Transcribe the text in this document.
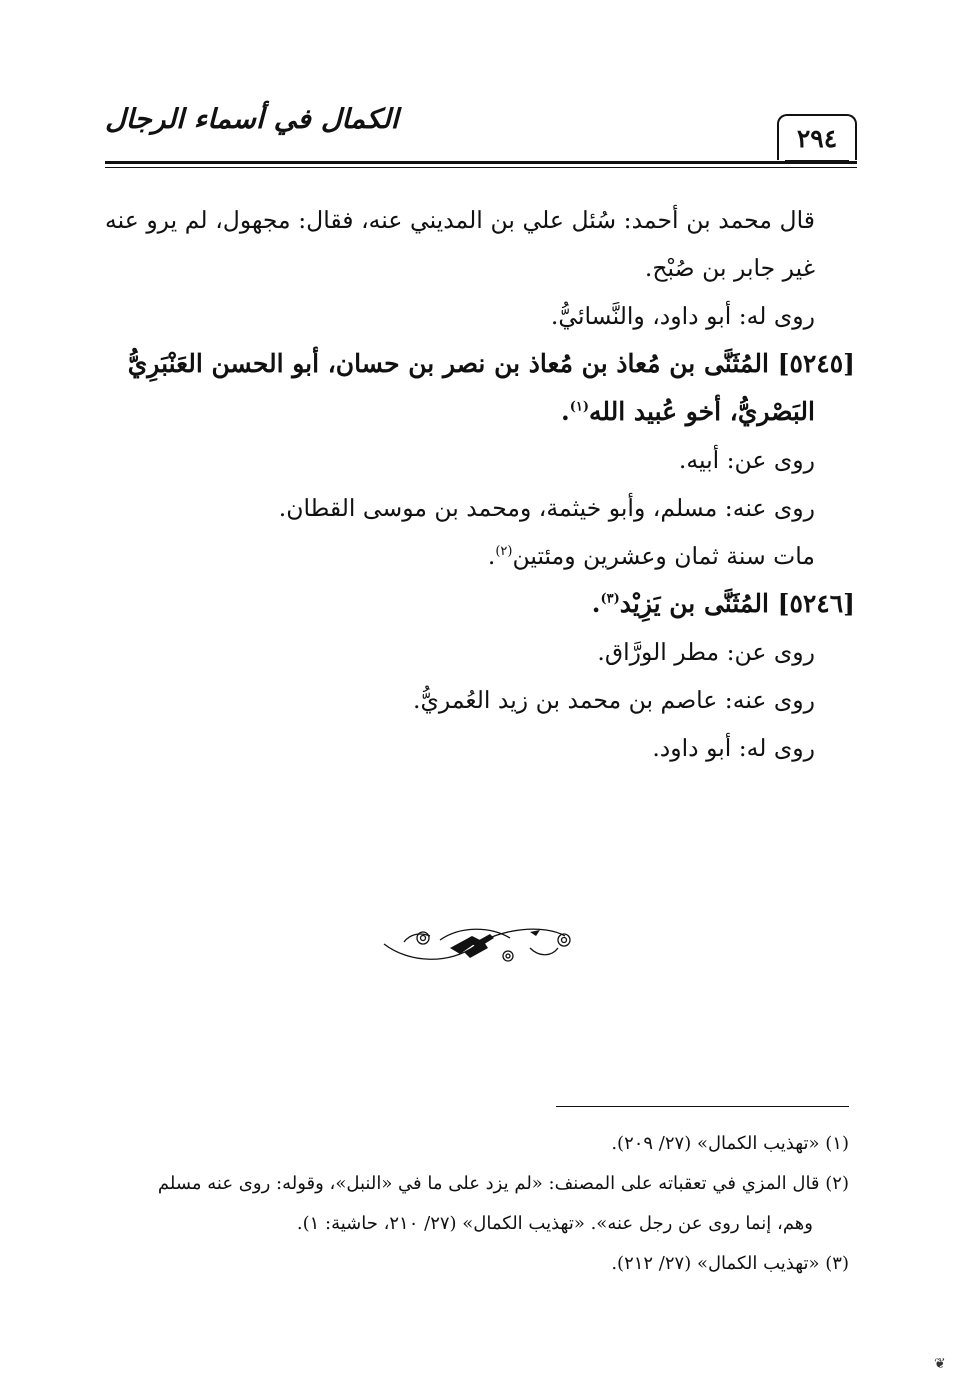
الكمال في أسماء الرجال
٢٩٤

قال محمد بن أحمد: سُئل علي بن المديني عنه، فقال: مجهول، لم يرو عنه غير جابر بن صُبْح.

روى له: أبو داود، والنَّسائيُّ.

[٥٢٤٥] المُثَنَّى بن مُعاذ بن مُعاذ بن نصر بن حسان، أبو الحسن العَنْبَرِيُّ

البَصْريُّ، أخو عُبيد الله$^{(١)}$.

روى عن: أبيه.

روى عنه: مسلم، وأبو خيثمة، ومحمد بن موسى القطان.

مات سنة ثمان وعشرين ومئتين$^{(٢)}$.

[٥٢٤٦] المُثَنَّى بن يَزِيْد$^{(٣)}$.

روى عن: مطر الورَّاق.

روى عنه: عاصم بن محمد بن زيد العُمريُّ.

روى له: أبو داود.

(١) «تهذيب الكمال» (٢٧/ ٢٠٩).

(٢) قال المزي في تعقباته على المصنف: «لم يزد على ما في «النبل»، وقوله: روى عنه مسلم

وهم، إنما روى عن رجل عنه». «تهذيب الكمال» (٢٧/ ٢١٠، حاشية: ١).

(٣) «تهذيب الكمال» (٢٧/ ٢١٢).

❦
